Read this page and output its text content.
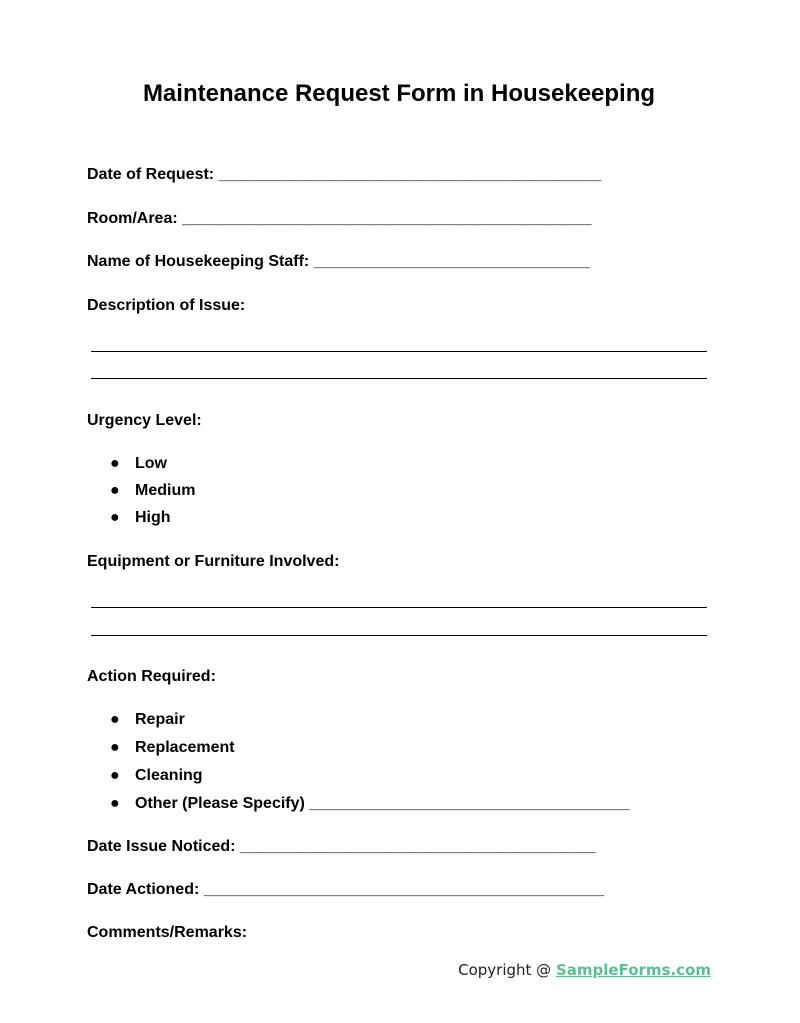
Maintenance Request Form in Housekeeping
Date of Request: ___________________________________________
Room/Area: ______________________________________________
Name of Housekeeping Staff: _______________________________
Description of Issue:
Urgency Level:
● Low
● Medium
● High
Equipment or Furniture Involved:
Action Required:
● Repair
● Replacement
● Cleaning
● Other (Please Specify) ____________________________________
Date Issue Noticed: ________________________________________
Date Actioned: _____________________________________________
Comments/Remarks:
Copyright @ SampleForms.com
